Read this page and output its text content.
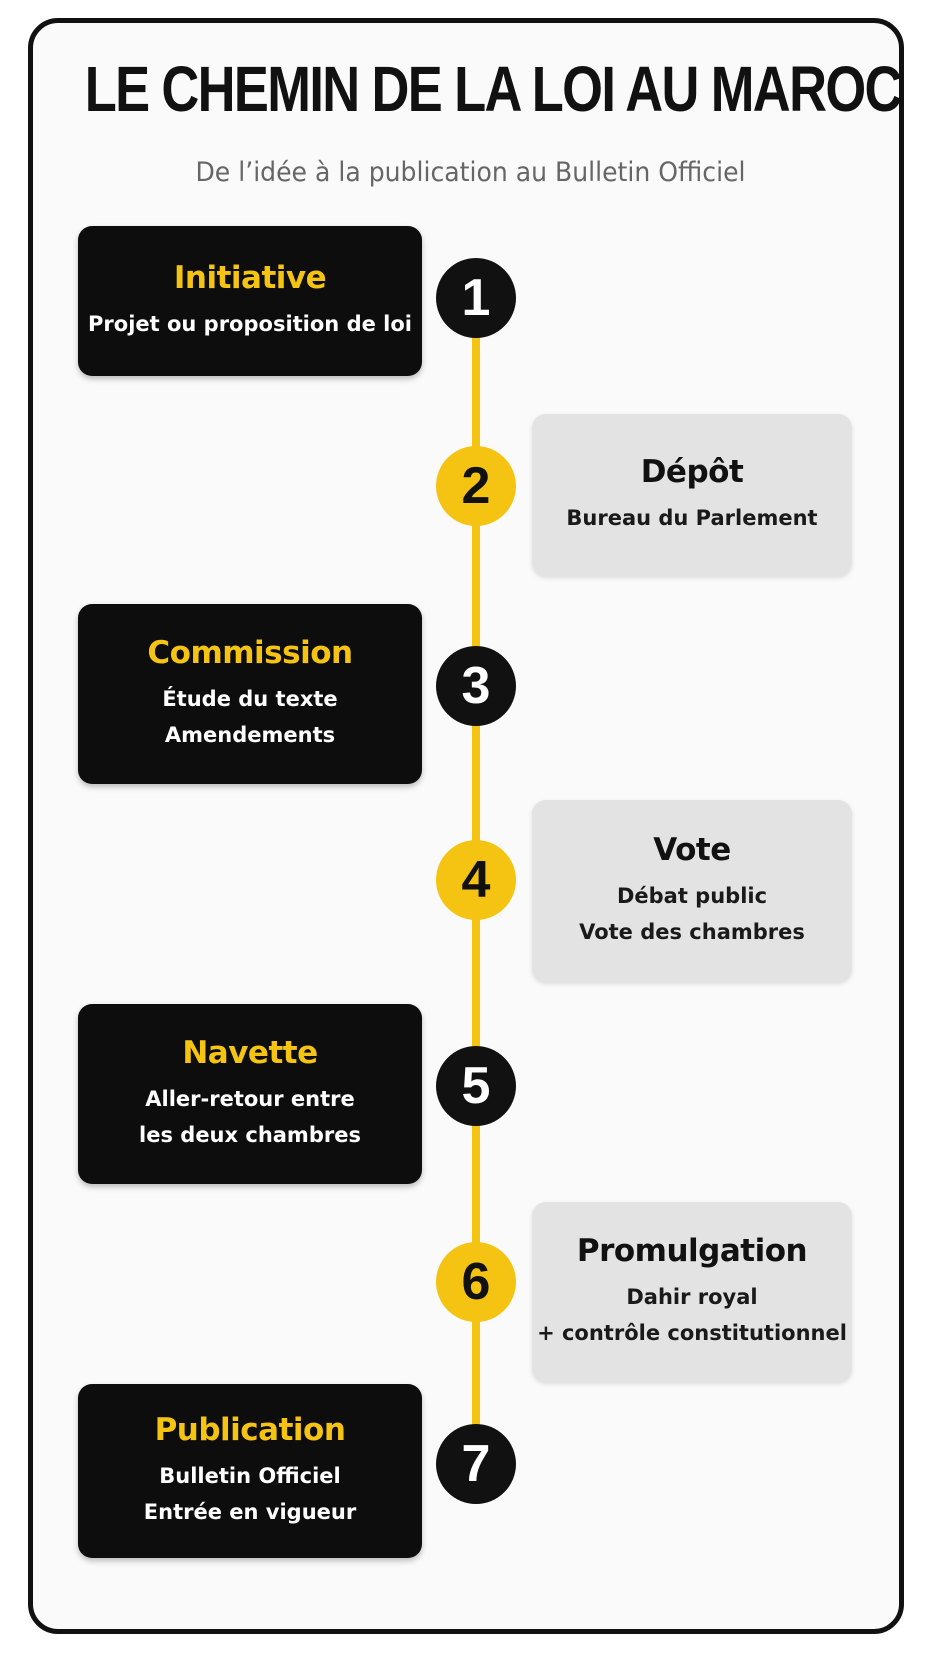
LE CHEMIN DE LA LOI AU MAROC

De l’idée à la publication au Bulletin Officiel

Initiative
Projet ou proposition de loi 1
Dépôt
Bureau du Parlement
2
Commission
Étude du texte
Amendements
3
Vote
Débat public
Vote des chambres
4
Navette
Aller-retour entre
les deux chambres
5
Promulgation
Dahir royal
+ contrôle constitutionnel
6
Publication
Bulletin Officiel
Entrée en vigueur
7
